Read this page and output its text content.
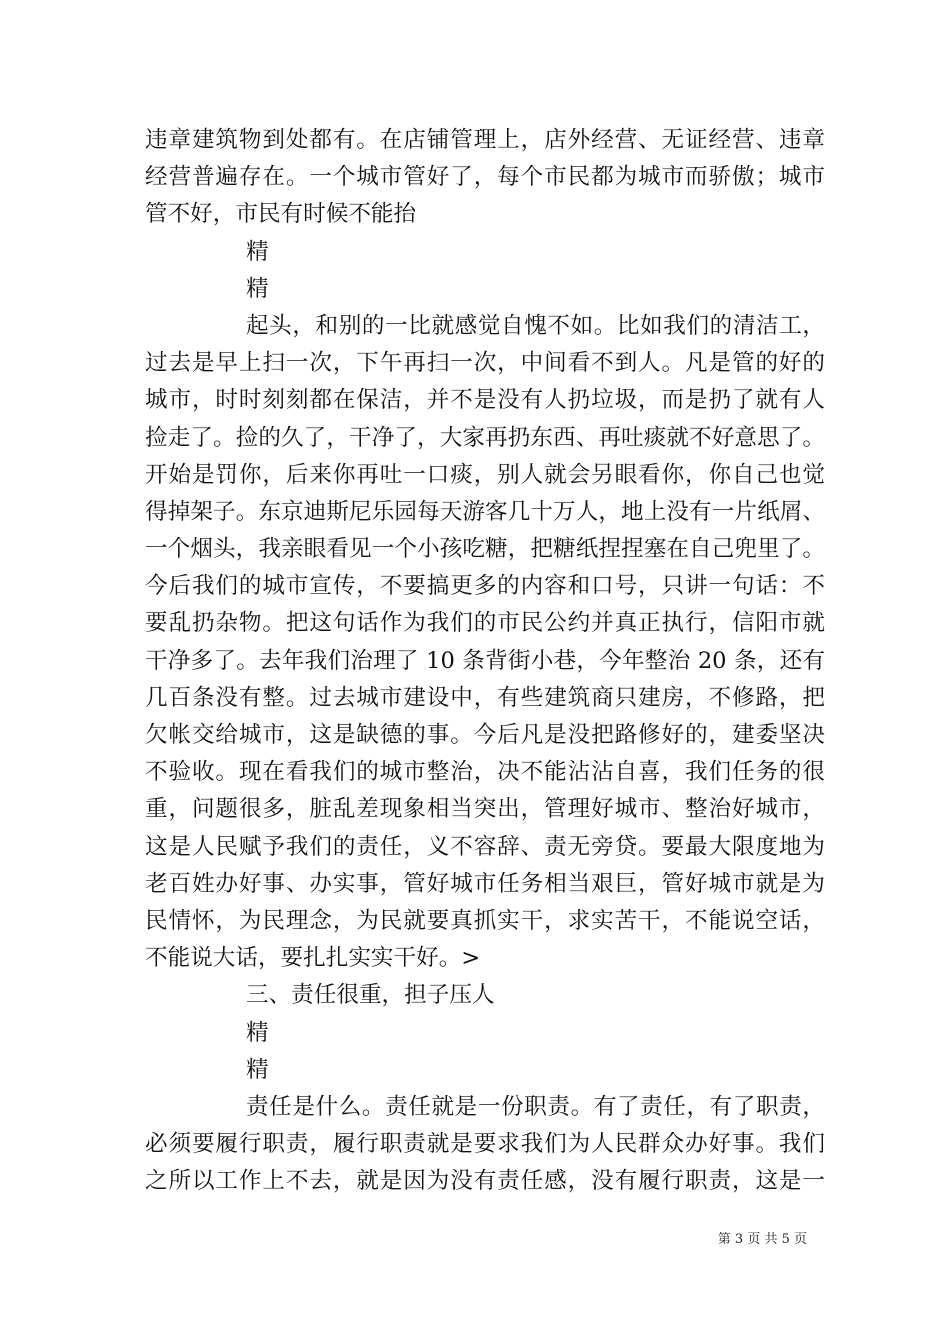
违章建筑物到处都有。在店铺管理上，店外经营、无证经营、违章
经营普遍存在。一个城市管好了，每个市民都为城市而骄傲；城市
管不好，市民有时候不能抬
精
精
起头，和别的一比就感觉自愧不如。比如我们的清洁工，
过去是早上扫一次，下午再扫一次，中间看不到人。凡是管的好的
城市，时时刻刻都在保洁，并不是没有人扔垃圾，而是扔了就有人
捡走了。捡的久了，干净了，大家再扔东西、再吐痰就不好意思了。
开始是罚你，后来你再吐一口痰，别人就会另眼看你，你自己也觉
得掉架子。东京迪斯尼乐园每天游客几十万人，地上没有一片纸屑、
一个烟头，我亲眼看见一个小孩吃糖，把糖纸捏捏塞在自己兜里了。
今后我们的城市宣传，不要搞更多的内容和口号，只讲一句话：不
要乱扔杂物。把这句话作为我们的市民公约并真正执行，信阳市就
干净多了。去年我们治理了 10 条背街小巷，今年整治 20 条，还有
几百条没有整。过去城市建设中，有些建筑商只建房，不修路，把
欠帐交给城市，这是缺德的事。今后凡是没把路修好的，建委坚决
不验收。现在看我们的城市整治，决不能沾沾自喜，我们任务的很
重，问题很多，脏乱差现象相当突出，管理好城市、整治好城市，
这是人民赋予我们的责任，义不容辞、责无旁贷。要最大限度地为
老百姓办好事、办实事，管好城市任务相当艰巨，管好城市就是为
民情怀，为民理念，为民就要真抓实干，求实苦干，不能说空话，
不能说大话，要扎扎实实干好。>
三、责任很重，担子压人
精
精
责任是什么。责任就是一份职责。有了责任，有了职责，
必须要履行职责，履行职责就是要求我们为人民群众办好事。我们
之所以工作上不去，就是因为没有责任感，没有履行职责，这是一
第 3 页 共 5 页
